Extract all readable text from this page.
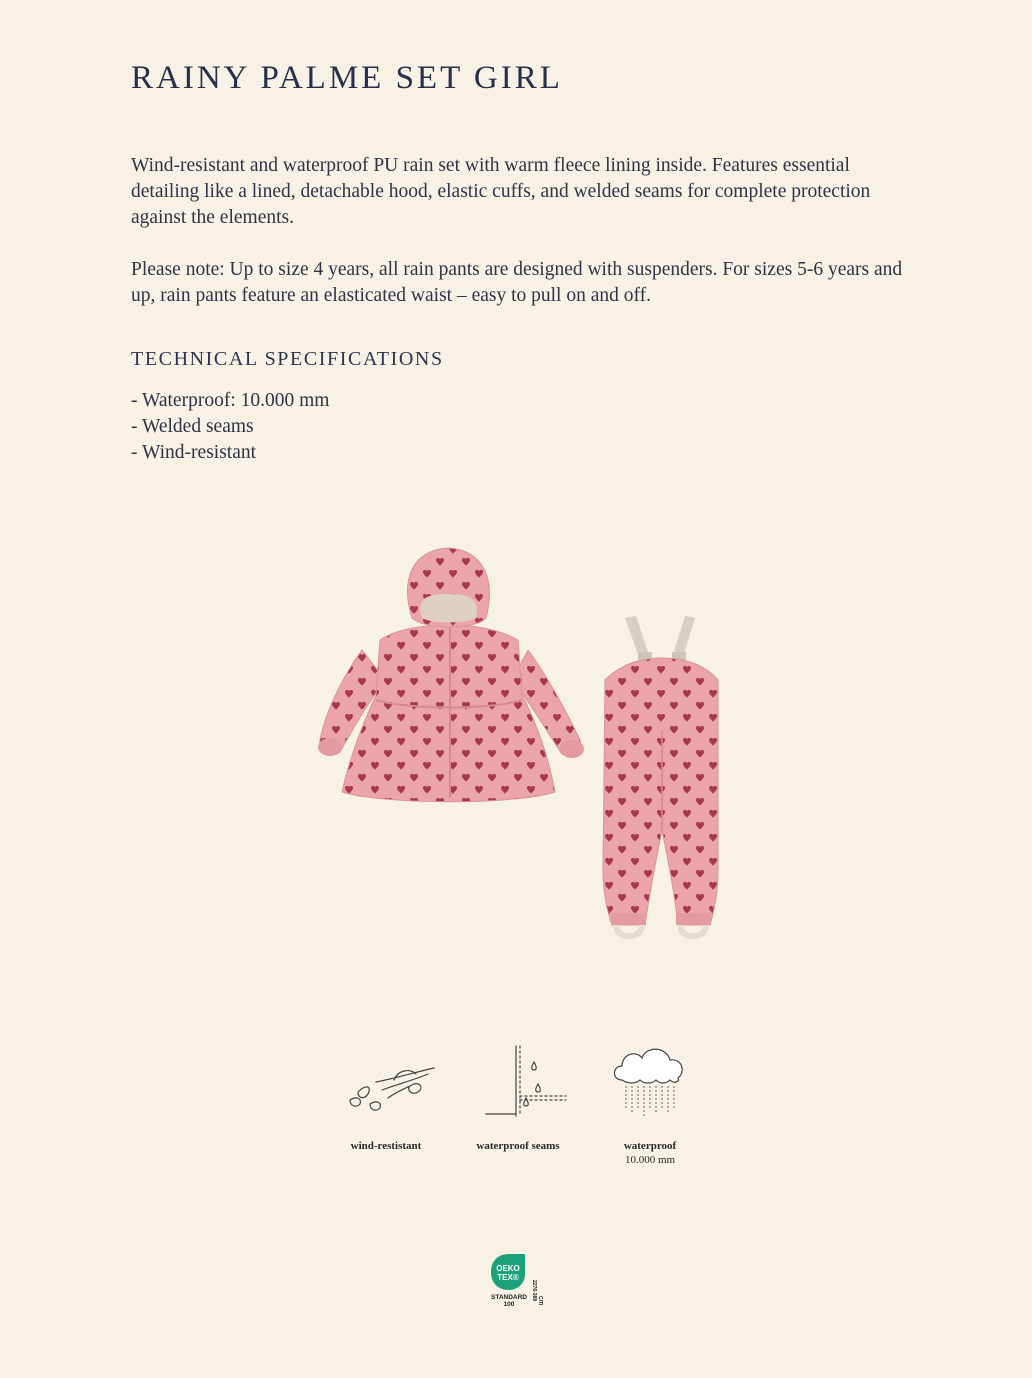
RAINY PALME SET GIRL

Wind-resistant and waterproof PU rain set with warm fleece lining inside. Features essential detailing like a lined, detachable hood, elastic cuffs, and welded seams for complete protection against the elements.

Please note: Up to size 4 years, all rain pants are designed with suspenders. For sizes 5-6 years and up, rain pants feature an elasticated waist – easy to pull on and off.

TECHNICAL SPECIFICATIONS
- Waterproof: 10.000 mm
- Welded seams
- Wind-resistant
wind-restistant	waterproof seams	waterproof
10.000 mm
OEKO
TEX®
STANDARD
100
2276-389 CITI
